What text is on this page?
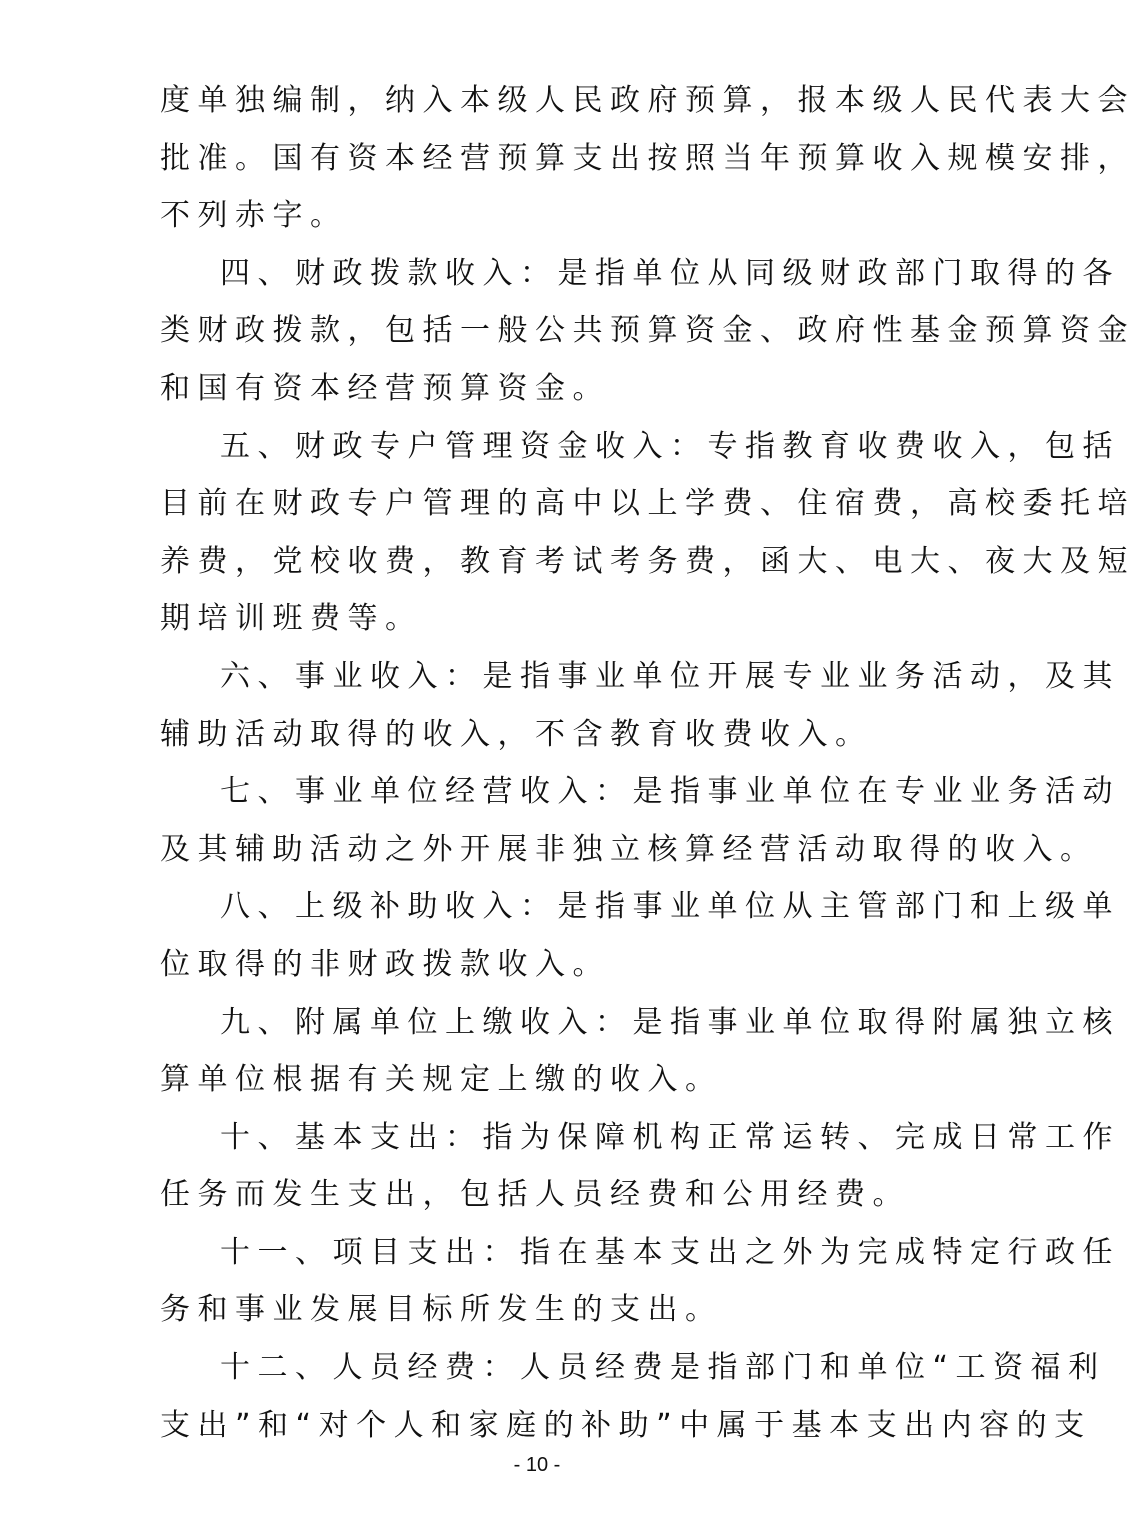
度单独编制，纳入本级人民政府预算，报本级人民代表大会
批准。国有资本经营预算支出按照当年预算收入规模安排，
不列赤字。
四、财政拨款收入：是指单位从同级财政部门取得的各
类财政拨款，包括一般公共预算资金、政府性基金预算资金
和国有资本经营预算资金。
五、财政专户管理资金收入：专指教育收费收入，包括
目前在财政专户管理的高中以上学费、住宿费，高校委托培
养费，党校收费，教育考试考务费，函大、电大、夜大及短
期培训班费等。
六、事业收入：是指事业单位开展专业业务活动，及其
辅助活动取得的收入，不含教育收费收入。
七、事业单位经营收入：是指事业单位在专业业务活动
及其辅助活动之外开展非独立核算经营活动取得的收入。
八、上级补助收入：是指事业单位从主管部门和上级单
位取得的非财政拨款收入。
九、附属单位上缴收入：是指事业单位取得附属独立核
算单位根据有关规定上缴的收入。
十、基本支出：指为保障机构正常运转、完成日常工作
任务而发生支出，包括人员经费和公用经费。
十一、项目支出：指在基本支出之外为完成特定行政任
务和事业发展目标所发生的支出。
十二、人员经费：人员经费是指部门和单位“工资福利
支出”和“对个人和家庭的补助”中属于基本支出内容的支
- 10 -
